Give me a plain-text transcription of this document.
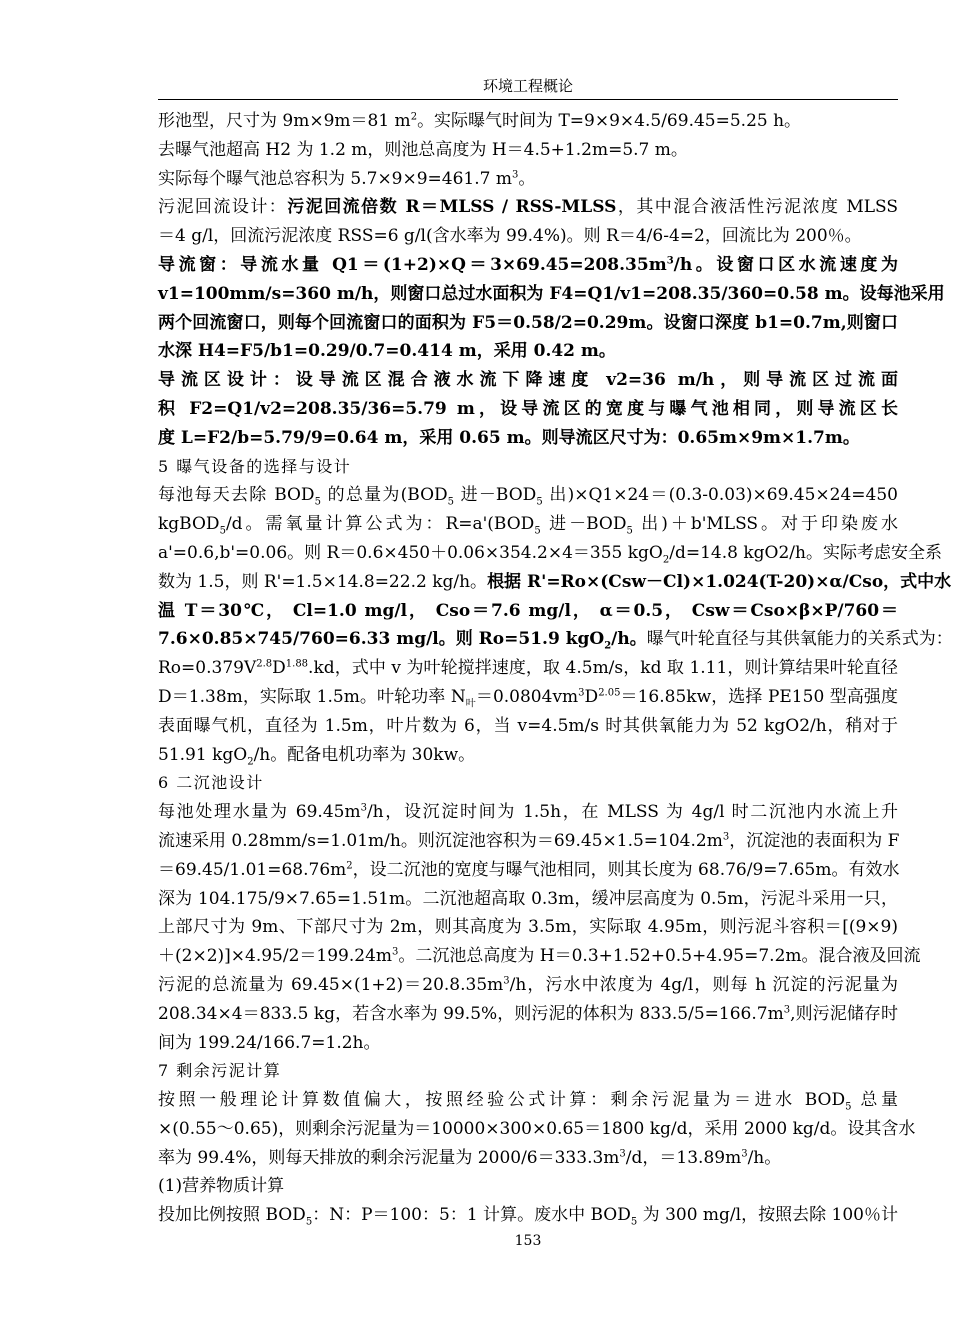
环境工程概论
形池型，尺寸为 9m×9m＝81 $m^2$。实际曝气时间为 T=9×9×4.5/69.45=5.25 h。
去曝气池超高 H2 为 1.2 m，则池总高度为 H＝4.5+1.2m=5.7 m。
实际每个曝气池总容积为 5.7×9×9=461.7 $m^3$。
污泥回流设计：污泥回流倍数 R＝MLSS / RSS-MLSS，其中混合液活性污泥浓度 MLSS
＝4 g/l，回流污泥浓度 RSS=6 g/l(含水率为 99.4%)。则 R＝4/6-4=2，回流比为 200％。
导流窗：导流水量 $Q1=(1+2)\times Q=3\times 69.45=208.35m^3/h$。设窗口区水流速度为
v1=100mm/s=360 m/h，则窗口总过水面积为 F4=Q1/v1=208.35/360=0.58 m。设每池采用
两个回流窗口，则每个回流窗口的面积为 F5＝0.58/2=0.29m。设窗口深度 b1=0.7m,则窗口
水深 H4=F5/b1=0.29/0.7=0.414 m，采用 0.42 m。
导流区设计：设导流区混合液水流下降速度 v2=36 m/h，则导流区过流面
积 F2=Q1/v2=208.35/36=5.79 m，设导流区的宽度与曝气池相同，则导流区长
度 L=F2/b=5.79/9=0.64 m，采用 0.65 m。则导流区尺寸为：0.65m×9m×1.7m。
5 曝气设备的选择与设计
每池每天去除 $BOD_5$ 的总量为($BOD_5$ 进$-BOD_5$ 出)×Q1×24＝(0.3-0.03)×69.45×24=450
kgBOD$_5$/d。需氧量计算公式为：$R=a'(BOD_5$ 进$-BOD_5$ 出)＋b'MLSS。对于印染废水
a'=0.6,b'=0.06。则 R＝0.6×450＋0.06×354.2×4＝355 kgO$_2$/d=14.8 kgO2/h。实际考虑安全系
数为 1.5，则 R'=1.5×14.8=22.2 kg/h。根据 R'=Ro×(Csw－Cl)×1.024(T-20)×α/Cso，式中水
温 T＝30℃， Cl=1.0 mg/l， Cso＝7.6 mg/l， α＝0.5， Csw＝Cso×β×P/760＝
7.6×0.85×745/760=6.33 mg/l。则 Ro=51.9 kgO$_2$/h。曝气叶轮直径与其供氧能力的关系式为：
$Ro=0.379V^{2.8}D^{1.88}.kd$，式中 v 为叶轮搅拌速度，取 4.5m/s，kd 取 1.11，则计算结果叶轮直径
D＝1.38m，实际取 1.5m。叶轮功率 $N_叶=0.0804vm^3D^{2.05}=16.85kw$，选择 PE150 型高强度
表面曝气机，直径为 1.5m，叶片数为 6，当 v=4.5m/s 时其供氧能力为 52 kgO2/h，稍对于
51.91 kgO$_2$/h。配备电机功率为 30kw。
6 二沉池设计
每池处理水量为 $69.45m^3/h$，设沉淀时间为 1.5h，在 MLSS 为 4g/l 时二沉池内水流上升
流速采用 0.28mm/s=1.01m/h。则沉淀池容积为$=69.45\times 1.5=104.2m^3$，沉淀池的表面积为 F
$=69.45/1.01=68.76m^2$，设二沉池的宽度与曝气池相同，则其长度为 68.76/9=7.65m。有效水
深为 104.175/9×7.65=1.51m。二沉池超高取 0.3m，缓冲层高度为 0.5m，污泥斗采用一只，
上部尺寸为 9m、下部尺寸为 2m，则其高度为 3.5m，实际取 4.95m，则污泥斗容积＝[(9×9)
$+(2\times 2)]\times 4.95/2=199.24m^3$。二沉池总高度为 H＝0.3+1.52+0.5+4.95=7.2m。混合液及回流
污泥的总流量为 $69.45\times(1+2)=20.8.35m^3/h$，污水中浓度为 4g/l，则每 h 沉淀的污泥量为
208.34×4＝833.5 kg，若含水率为 99.5%，则污泥的体积为 $833.5/5=166.7m^3$,则污泥储存时
间为 199.24/166.7=1.2h。
7 剩余污泥计算
按照一般理论计算数值偏大，按照经验公式计算：剩余污泥量为＝进水 $BOD_5$ 总量
×(0.55～0.65)，则剩余污泥量为＝10000×300×0.65＝1800 kg/d，采用 2000 kg/d。设其含水
率为 99.4%，则每天排放的剩余污泥量为 $2000/6=333.3m^3/d$，$=13.89m^3/h$。
(1)营养物质计算
投加比例按照 $BOD_5$：N：P＝100：5：1 计算。废水中 $BOD_5$ 为 300 mg/l，按照去除 100％计
153
